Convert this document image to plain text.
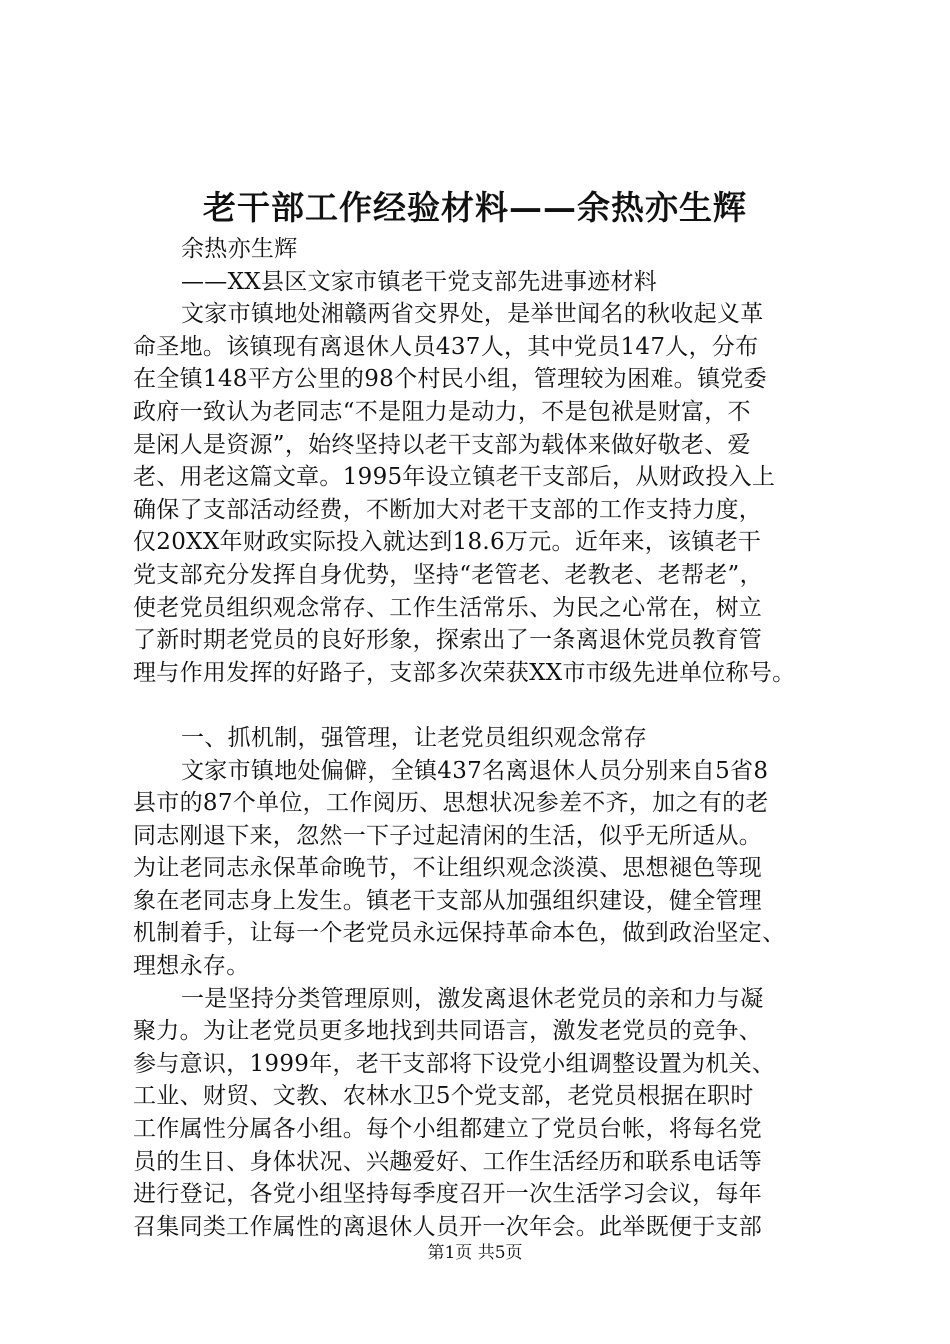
老干部工作经验材料——余热亦生辉

余热亦生辉

——XX县区文家市镇老干党支部先进事迹材料

文家市镇地处湘赣两省交界处，是举世闻名的秋收起义革

命圣地。该镇现有离退休人员437人，其中党员147人，分布

在全镇148平方公里的98个村民小组，管理较为困难。镇党委

政府一致认为老同志“不是阻力是动力，不是包袱是财富，不

是闲人是资源”，始终坚持以老干支部为载体来做好敬老、爱

老、用老这篇文章。1995年设立镇老干支部后，从财政投入上

确保了支部活动经费，不断加大对老干支部的工作支持力度，

仅20XX年财政实际投入就达到18.6万元。近年来，该镇老干

党支部充分发挥自身优势，坚持“老管老、老教老、老帮老”，

使老党员组织观念常存、工作生活常乐、为民之心常在，树立

了新时期老党员的良好形象，探索出了一条离退休党员教育管

理与作用发挥的好路子，支部多次荣获XX市市级先进单位称号。

一、抓机制，强管理，让老党员组织观念常存

文家市镇地处偏僻，全镇437名离退休人员分别来自5省8

县市的87个单位，工作阅历、思想状况参差不齐，加之有的老

同志刚退下来，忽然一下子过起清闲的生活，似乎无所适从。

为让老同志永保革命晚节，不让组织观念淡漠、思想褪色等现

象在老同志身上发生。镇老干支部从加强组织建设，健全管理

机制着手，让每一个老党员永远保持革命本色，做到政治坚定、

理想永存。

一是坚持分类管理原则，激发离退休老党员的亲和力与凝

聚力。为让老党员更多地找到共同语言，激发老党员的竞争、

参与意识，1999年，老干支部将下设党小组调整设置为机关、

工业、财贸、文教、农林水卫5个党支部，老党员根据在职时

工作属性分属各小组。每个小组都建立了党员台帐，将每名党

员的生日、身体状况、兴趣爱好、工作生活经历和联系电话等

进行登记，各党小组坚持每季度召开一次生活学习会议，每年

召集同类工作属性的离退休人员开一次年会。此举既便于支部

第1页 共5页
